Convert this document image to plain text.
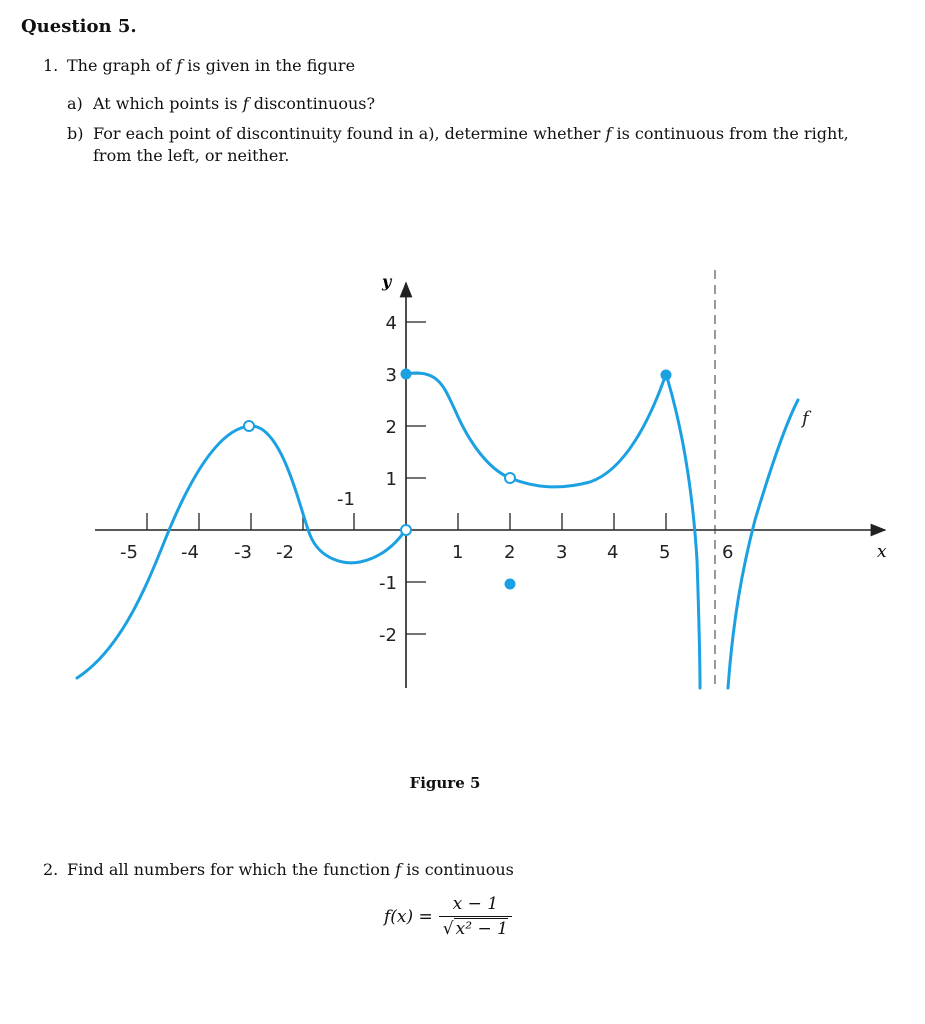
Question 5.
1. The graph of f is given in the figure
a) At which points is f discontinuous?
b) For each point of discontinuity found in a), determine whether f is continuous from the right,
from the left, or neither.
y
x
-5 -4 -3 -2
-1
1 2 3 4 5	6
4
3
2
1
-1
-2
f
Figure 5
2. Find all numbers for which the function f is continuous
$f(x) = \frac{x - 1}{\text{√ x² − 1}}$
